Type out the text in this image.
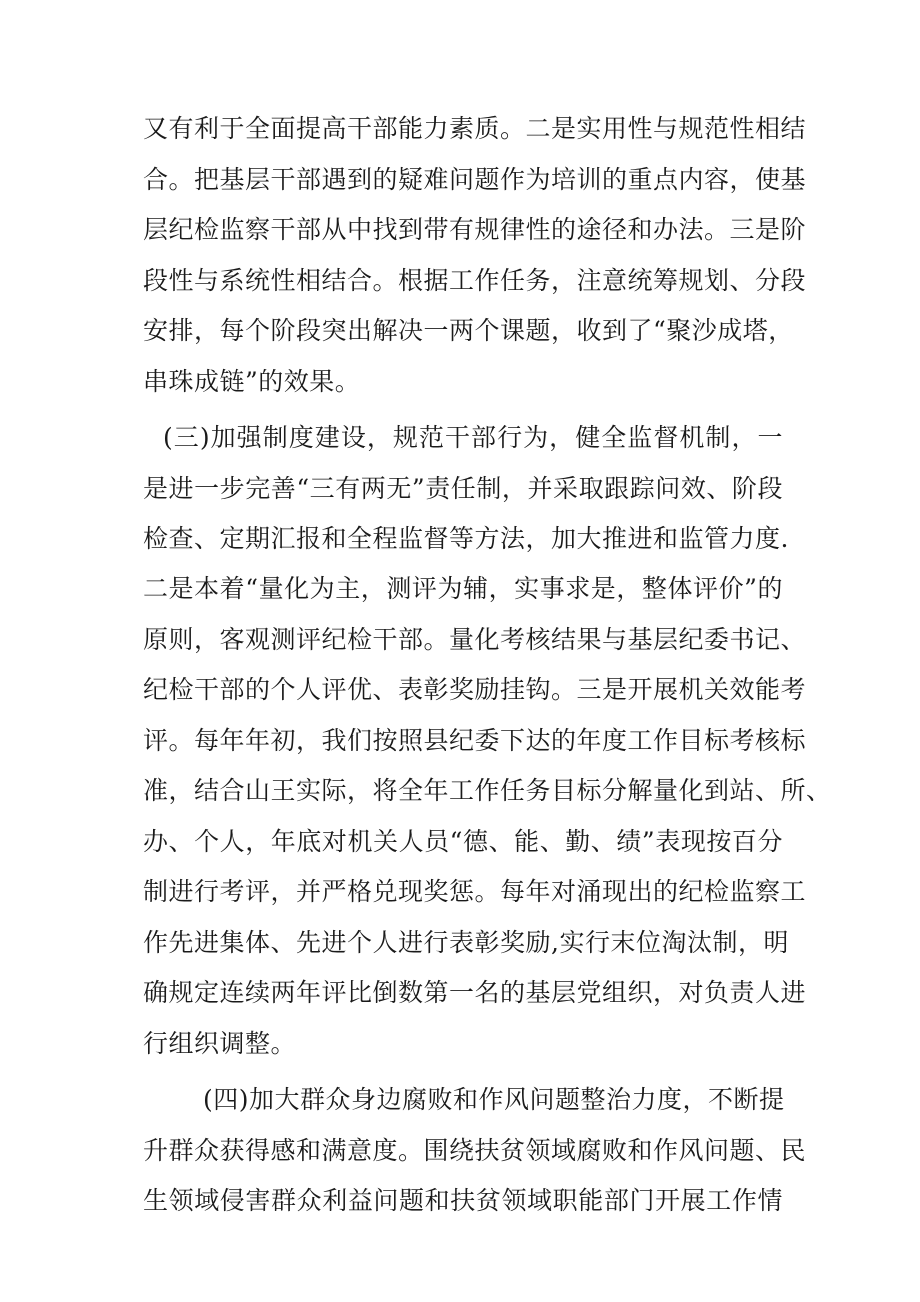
又有利于全面提高干部能力素质。二是实用性与规范性相结
合。把基层干部遇到的疑难问题作为培训的重点内容，使基
层纪检监察干部从中找到带有规律性的途径和办法。三是阶
段性与系统性相结合。根据工作任务，注意统筹规划、分段
安排，每个阶段突出解决一两个课题，收到了“聚沙成塔，
串珠成链”的效果。
(三)加强制度建设，规范干部行为，健全监督机制，一
是进一步完善“三有两无”责任制，并采取跟踪问效、阶段
检查、定期汇报和全程监督等方法，加大推进和监管力度.
二是本着“量化为主，测评为辅，实事求是，整体评价”的
原则，客观测评纪检干部。量化考核结果与基层纪委书记、
纪检干部的个人评优、表彰奖励挂钩。三是开展机关效能考
评。每年年初，我们按照县纪委下达的年度工作目标考核标
准，结合山王实际，将全年工作任务目标分解量化到站、所、
办、个人，年底对机关人员“德、能、勤、绩”表现按百分
制进行考评，并严格兑现奖惩。每年对涌现出的纪检监察工
作先进集体、先进个人进行表彰奖励,实行末位淘汰制，明
确规定连续两年评比倒数第一名的基层党组织，对负责人进
行组织调整。
(四)加大群众身边腐败和作风问题整治力度，不断提
升群众获得感和满意度。围绕扶贫领域腐败和作风问题、民
生领域侵害群众利益问题和扶贫领域职能部门开展工作情
